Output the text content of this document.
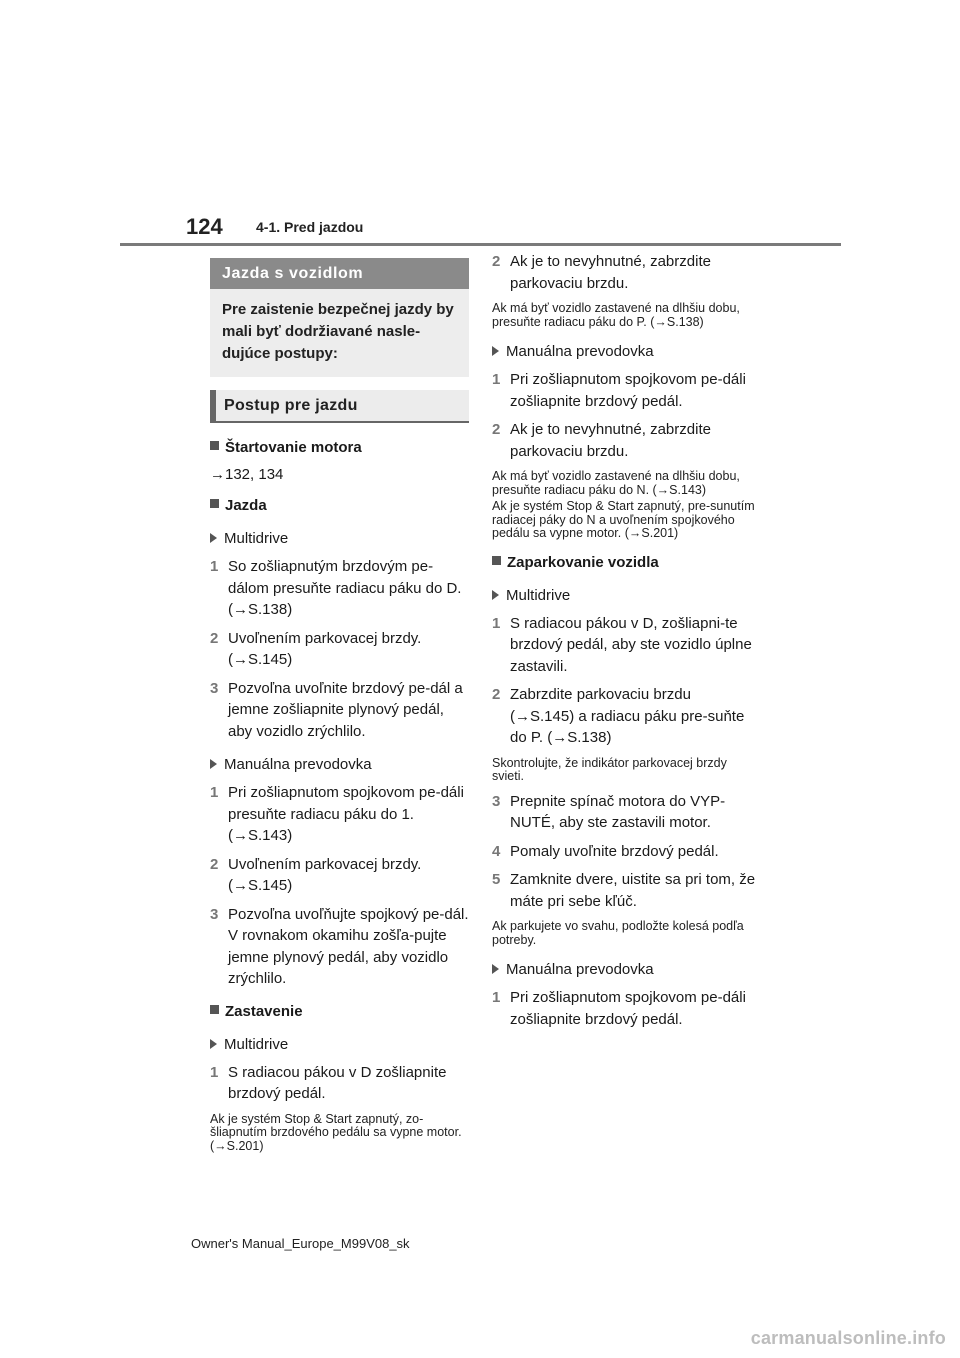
124 4-1. Pred jazdou
Jazda s vozidlom
Pre zaistenie bezpečnej jazdy by mali byť dodržiavané nasle-dujúce postupy:
Postup pre jazdu
Štartovanie motora
→132, 134
Jazda
Multidrive
1 So zošliapnutým brzdovým pe-dálom presuňte radiacu páku do D. (→S.138)
2 Uvoľnením parkovacej brzdy. (→S.145)
3 Pozvoľna uvoľnite brzdový pe-dál a jemne zošliapnite plynový pedál, aby vozidlo zrýchlilo.
Manuálna prevodovka
1 Pri zošliapnutom spojkovom pe-dáli presuňte radiacu páku do 1. (→S.143)
2 Uvoľnením parkovacej brzdy. (→S.145)
3 Pozvoľna uvoľňujte spojkový pe-dál. V rovnakom okamihu zošľa-pujte jemne plynový pedál, aby vozidlo zrýchlilo.
Zastavenie
Multidrive
1 S radiacou pákou v D zošliapnite brzdový pedál.
Ak je systém Stop & Start zapnutý, zo-šliapnutím brzdového pedálu sa vypne motor. (→S.201)
2 Ak je to nevyhnutné, zabrzdite parkovaciu brzdu.
Ak má byť vozidlo zastavené na dlhšiu dobu, presuňte radiacu páku do P. (→S.138)
Manuálna prevodovka
1 Pri zošliapnutom spojkovom pe-dáli zošliapnite brzdový pedál.
2 Ak je to nevyhnutné, zabrzdite parkovaciu brzdu.
Ak má byť vozidlo zastavené na dlhšiu dobu, presuňte radiacu páku do N. (→S.143)
Ak je systém Stop & Start zapnutý, pre-sunutím radiacej páky do N a uvoľnením spojkového pedálu sa vypne motor. (→S.201)
Zaparkovanie vozidla
Multidrive
1 S radiacou pákou v D, zošliapni-te brzdový pedál, aby ste vozidlo úplne zastavili.
2 Zabrzdite parkovaciu brzdu (→S.145) a radiacu páku pre-suňte do P. (→S.138)
Skontrolujte, že indikátor parkovacej brzdy svieti.
3 Prepnite spínač motora do VYP-NUTÉ, aby ste zastavili motor.
4 Pomaly uvoľnite brzdový pedál.
5 Zamknite dvere, uistite sa pri tom, že máte pri sebe kľúč.
Ak parkujete vo svahu, podložte kolesá podľa potreby.
Manuálna prevodovka
1 Pri zošliapnutom spojkovom pe-dáli zošliapnite brzdový pedál.
Owner's Manual_Europe_M99V08_sk
carmanualsonline.info
